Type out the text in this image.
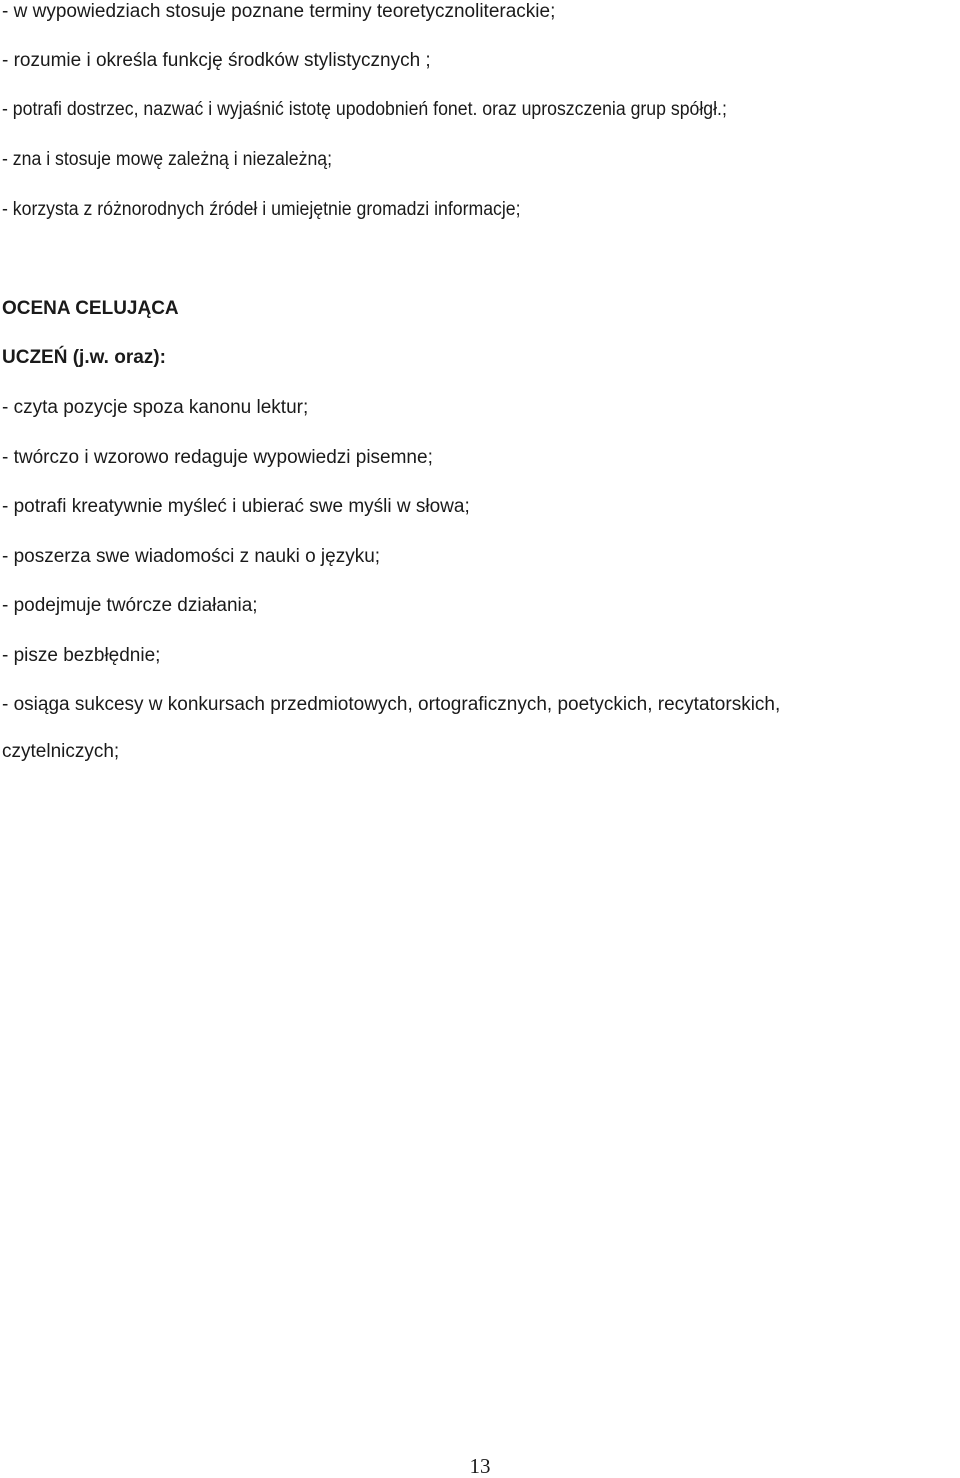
- w wypowiedziach stosuje poznane terminy teoretycznoliterackie;
- rozumie i określa funkcję środków stylistycznych ;
- potrafi dostrzec, nazwać i wyjaśnić istotę upodobnień fonet. oraz uproszczenia grup spółgł.;
- zna i stosuje mowę zależną i niezależną;
- korzysta z różnorodnych źródeł i umiejętnie gromadzi informacje;
OCENA CELUJĄCA
UCZEŃ (j.w. oraz):
- czyta pozycje spoza kanonu lektur;
- twórczo i wzorowo redaguje wypowiedzi pisemne;
- potrafi kreatywnie myśleć i ubierać swe myśli w słowa;
- poszerza swe wiadomości z nauki o języku;
- podejmuje twórcze działania;
- pisze bezbłędnie;
- osiąga sukcesy w konkursach przedmiotowych, ortograficznych, poetyckich, recytatorskich,
czytelniczych;
13
